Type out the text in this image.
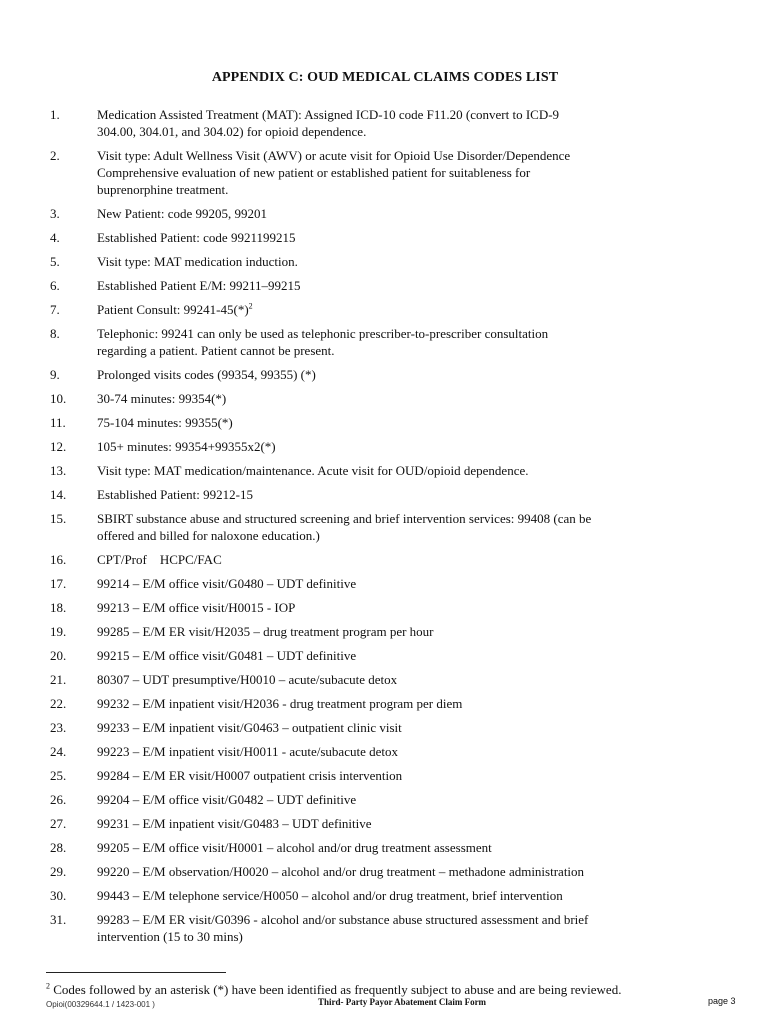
APPENDIX C: OUD MEDICAL CLAIMS CODES LIST
1.	Medication Assisted Treatment (MAT): Assigned ICD-10 code F11.20 (convert to ICD-9
304.00, 304.01, and 304.02) for opioid dependence.
2.	Visit type: Adult Wellness Visit (AWV) or acute visit for Opioid Use Disorder/Dependence
Comprehensive evaluation of new patient or established patient for suitableness for
buprenorphine treatment.
3.	New Patient: code 99205, 99201
4.	Established Patient: code 9921199215
5.	Visit type: MAT medication induction.
6.	Established Patient E/M: 99211–99215
7.	Patient Consult: $99241-45(*)^2$
8.	Telephonic: 99241 can only be used as telephonic prescriber-to-prescriber consultation
regarding a patient. Patient cannot be present.
9.	Prolonged visits codes (99354, 99355) (*)
10.	30-74 minutes: 99354(*)
11.	75-104 minutes: 99355(*)
12.	105+ minutes: 99354+99355x2(*)
13.	Visit type: MAT medication/maintenance. Acute visit for OUD/opioid dependence.
14.	Established Patient: 99212-15
15.	SBIRT substance abuse and structured screening and brief intervention services: 99408 (can be
offered and billed for naloxone education.)
16.	CPT/Prof    HCPC/FAC
17.	99214 – E/M office visit/G0480 – UDT definitive
18.	99213 – E/M office visit/H0015 - IOP
19.	99285 – E/M ER visit/H2035 – drug treatment program per hour
20.	99215 – E/M office visit/G0481 – UDT definitive
21.	80307 – UDT presumptive/H0010 – acute/subacute detox
22.	99232 – E/M inpatient visit/H2036 - drug treatment program per diem
23.	99233 – E/M inpatient visit/G0463 – outpatient clinic visit
24.	99223 – E/M inpatient visit/H0011 - acute/subacute detox
25.	99284 – E/M ER visit/H0007 outpatient crisis intervention
26.	99204 – E/M office visit/G0482 – UDT definitive
27.	99231 – E/M inpatient visit/G0483 – UDT definitive
28.	99205 – E/M office visit/H0001 – alcohol and/or drug treatment assessment
29.	99220 – E/M observation/H0020 – alcohol and/or drug treatment – methadone administration
30.	99443 – E/M telephone service/H0050 – alcohol and/or drug treatment, brief intervention
31.	99283 – E/M ER visit/G0396 - alcohol and/or substance abuse structured assessment and brief
intervention (15 to 30 mins)
$^2$ Codes followed by an asterisk (*) have been identified as frequently subject to abuse and are being reviewed.
Opioi(00329644.1 / 1423-001 )	Third- Party Payor Abatement Claim Form	page 3
